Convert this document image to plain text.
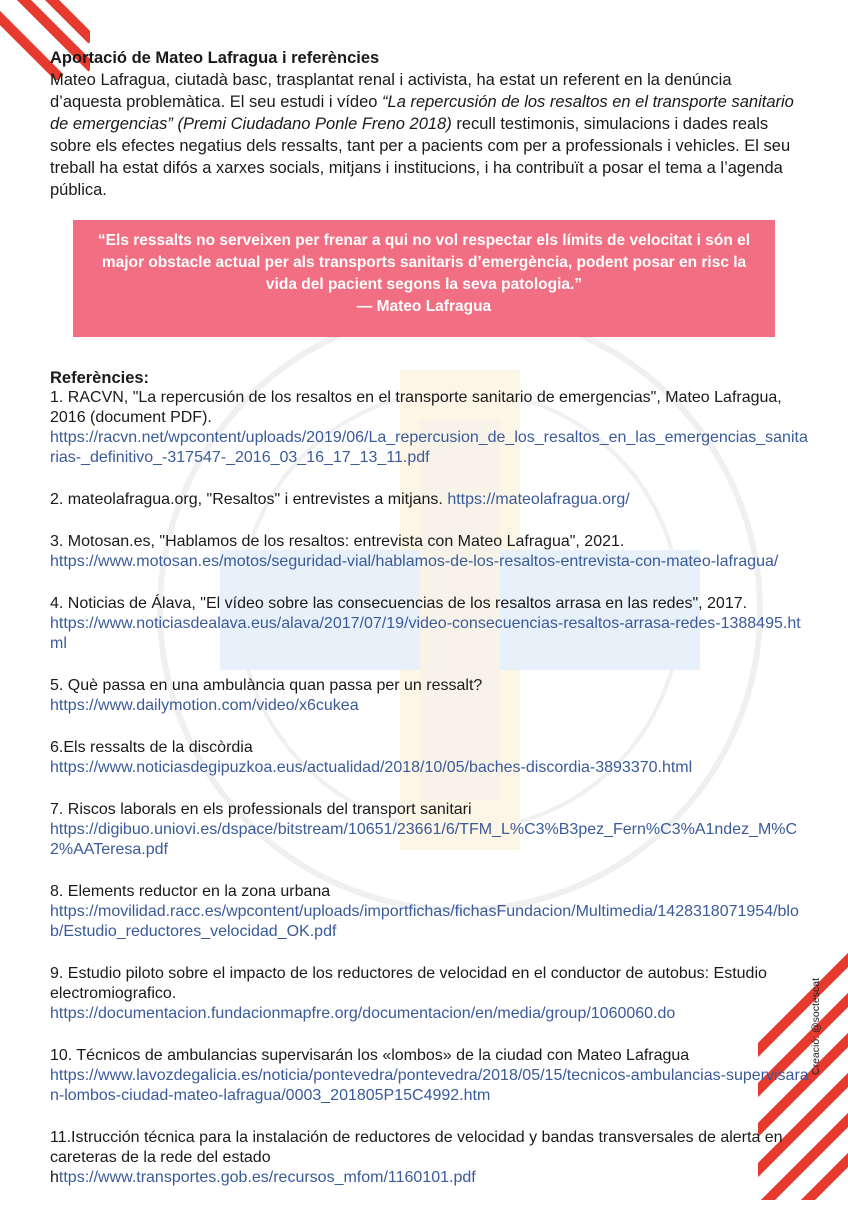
Aportació de Mateo Lafragua i referències

Mateo Lafragua, ciutadà basc, trasplantat renal i activista, ha estat un referent en la denúncia d’aquesta problemàtica. El seu estudi i vídeo “La repercusión de los resaltos en el transporte sanitario de emergencias” (Premi Ciudadano Ponle Freno 2018) recull testimonis, simulacions i dades reals sobre els efectes negatius dels ressalts, tant per a pacients com per a professionals i vehicles. El seu treball ha estat difós a xarxes socials, mitjans i institucions, i ha contribuït a posar el tema a l’agenda pública.

“Els ressalts no serveixen per frenar a qui no vol respectar els límits de velocitat i són el major obstacle actual per als transports sanitaris d’emergència, podent posar en risc la vida del pacient segons la seva patologia.”
— Mateo Lafragua

Referències:

1. RACVN, "La repercusión de los resaltos en el transporte sanitario de emergencias", Mateo Lafragua, 2016 (document PDF).
https://racvn.net/wpcontent/uploads/2019/06/La_repercusion_de_los_resaltos_en_las_emergencias_sanitarias-_definitivo_-317547-_2016_03_16_17_13_11.pdf

2. mateolafragua.org, "Resaltos" i entrevistes a mitjans. https://mateolafragua.org/

3. Motosan.es, "Hablamos de los resaltos: entrevista con Mateo Lafragua", 2021.
https://www.motosan.es/motos/seguridad-vial/hablamos-de-los-resaltos-entrevista-con-mateo-lafragua/

4. Noticias de Álava, "El vídeo sobre las consecuencias de los resaltos arrasa en las redes", 2017.
https://www.noticiasdealava.eus/alava/2017/07/19/video-consecuencias-resaltos-arrasa-redes-1388495.html

5. Què passa en una ambulància quan passa per un ressalt?
https://www.dailymotion.com/video/x6cukea

6.Els ressalts de la discòrdia
https://www.noticiasdegipuzkoa.eus/actualidad/2018/10/05/baches-discordia-3893370.html

7. Riscos laborals en els professionals del transport sanitari
https://digibuo.uniovi.es/dspace/bitstream/10651/23661/6/TFM_L%C3%B3pez_Fern%C3%A1ndez_M%C2%AATeresa.pdf

8. Elements reductor en la zona urbana
https://movilidad.racc.es/wpcontent/uploads/importfichas/fichasFundacion/Multimedia/1428318071954/blob/Estudio_reductores_velocidad_OK.pdf

9. Estudio piloto sobre el impacto de los reductores de velocidad en el conductor de autobus: Estudio electromiografico.
https://documentacion.fundacionmapfre.org/documentacion/en/media/group/1060060.do

10. Técnicos de ambulancias supervisarán los «lombos» de la ciudad con Mateo Lafragua
https://www.lavozdegalicia.es/noticia/pontevedra/pontevedra/2018/05/15/tecnicos-ambulancias-supervisaran-lombos-ciudad-mateo-lafragua/0003_201805P15C4992.htm

11.Istrucción técnica para la instalación de reductores de velocidad y bandas transversales de alerta en careteras de la rede del estado
https://www.transportes.gob.es/recursos_mfom/1160101.pdf

Creació: @soctescat
